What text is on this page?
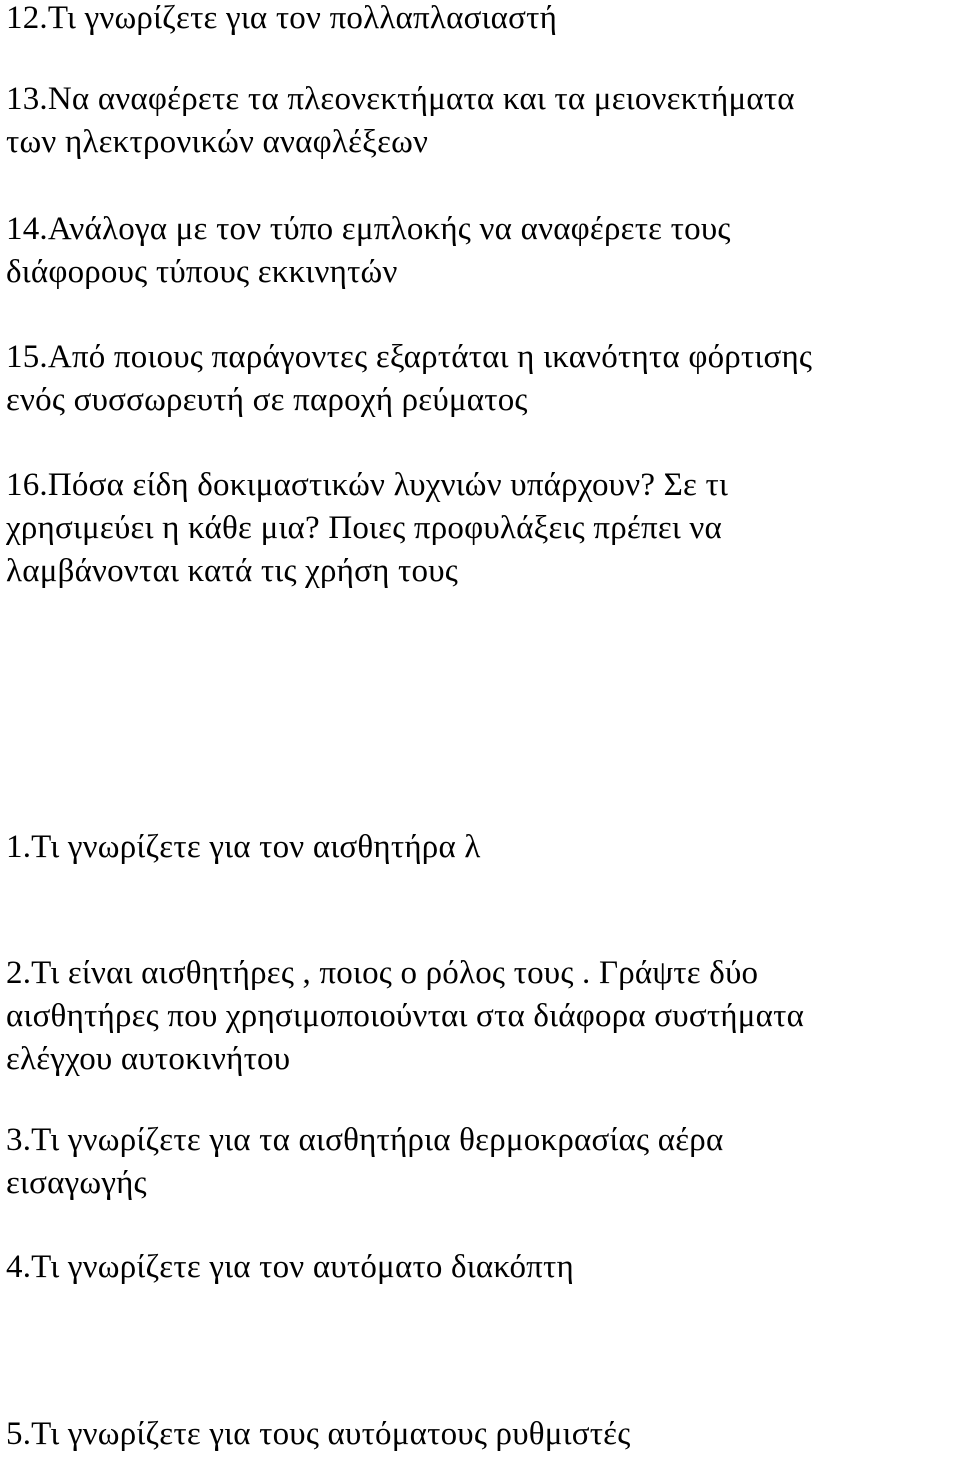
12.Τι γνωρίζετε για τον πολλαπλασιαστή
13.Να αναφέρετε τα πλεονεκτήματα και τα μειονεκτήματα
των ηλεκτρονικών αναφλέξεων
14.Ανάλογα με τον τύπο εμπλοκής να αναφέρετε τους
διάφορους τύπους εκκινητών
15.Από ποιους παράγοντες εξαρτάται η ικανότητα φόρτισης
ενός συσσωρευτή σε παροχή ρεύματος
16.Πόσα είδη δοκιμαστικών λυχνιών υπάρχουν? Σε τι
χρησιμεύει η κάθε μια? Ποιες προφυλάξεις πρέπει να
λαμβάνονται κατά τις χρήση τους
1.Τι γνωρίζετε για τον αισθητήρα λ
2.Τι είναι αισθητήρες , ποιος ο ρόλος τους . Γράψτε δύο
αισθητήρες που χρησιμοποιούνται στα διάφορα συστήματα
ελέγχου αυτοκινήτου
3.Τι γνωρίζετε για τα αισθητήρια θερμοκρασίας αέρα
εισαγωγής
4.Τι γνωρίζετε για τον αυτόματο διακόπτη
5.Τι γνωρίζετε για τους αυτόματους ρυθμιστές
